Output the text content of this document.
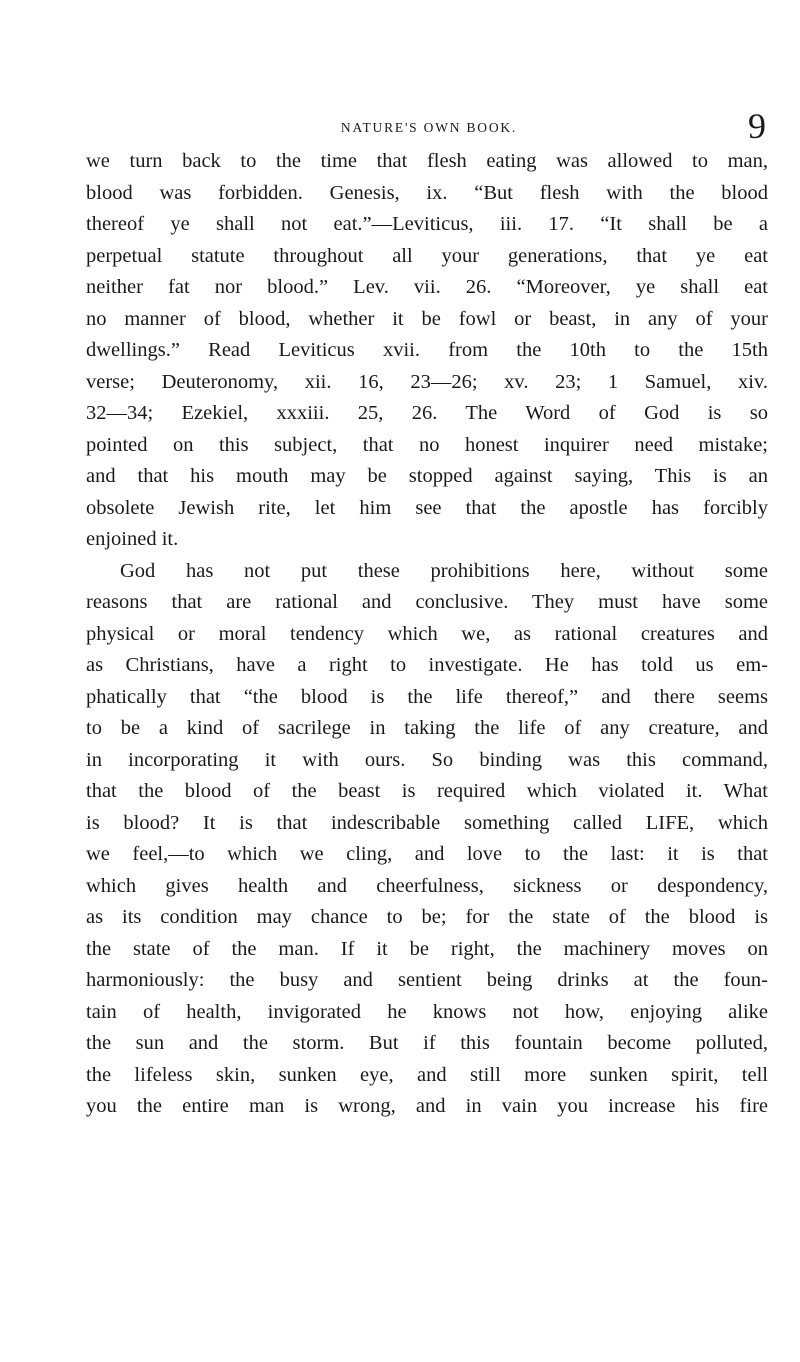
NATURE'S OWN BOOK.	9
we turn back to the time that flesh eating was allowed to man,
blood was forbidden. Genesis, ix. “But flesh with the blood
thereof ye shall not eat.”—Leviticus, iii. 17. “It shall be a
perpetual statute throughout all your generations, that ye eat
neither fat nor blood.” Lev. vii. 26. “Moreover, ye shall eat
no manner of blood, whether it be fowl or beast, in any of your
dwellings.” Read Leviticus xvii. from the 10th to the 15th
verse; Deuteronomy, xii. 16, 23—26; xv. 23; 1 Samuel, xiv.
32—34; Ezekiel, xxxiii. 25, 26. The Word of God is so
pointed on this subject, that no honest inquirer need mistake;
and that his mouth may be stopped against saying, This is an
obsolete Jewish rite, let him see that the apostle has forcibly
enjoined it.
God has not put these prohibitions here, without some
reasons that are rational and conclusive. They must have some
physical or moral tendency which we, as rational creatures and
as Christians, have a right to investigate. He has told us em-
phatically that “the blood is the life thereof,” and there seems
to be a kind of sacrilege in taking the life of any creature, and
in incorporating it with ours. So binding was this command,
that the blood of the beast is required which violated it. What
is blood? It is that indescribable something called LIFE, which
we feel,—to which we cling, and love to the last: it is that
which gives health and cheerfulness, sickness or despondency,
as its condition may chance to be; for the state of the blood is
the state of the man. If it be right, the machinery moves on
harmoniously: the busy and sentient being drinks at the foun-
tain of health, invigorated he knows not how, enjoying alike
the sun and the storm. But if this fountain become polluted,
the lifeless skin, sunken eye, and still more sunken spirit, tell
you the entire man is wrong, and in vain you increase his fire
